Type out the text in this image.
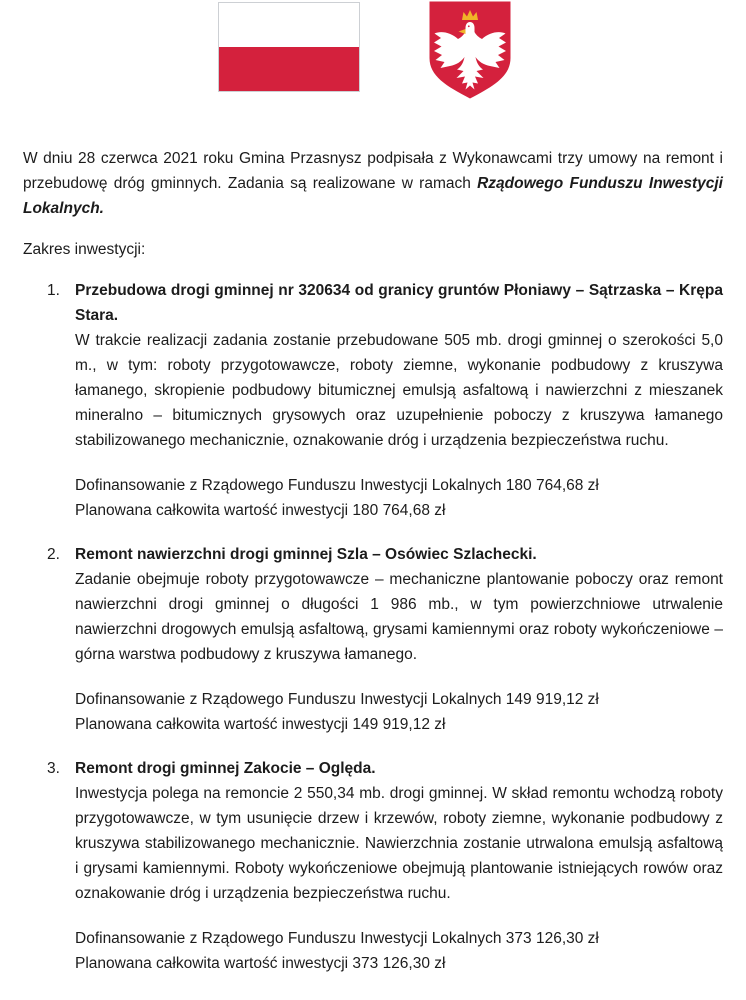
W dniu 28 czerwca 2021 roku Gmina Przasnysz podpisała z Wykonawcami trzy umowy na remont i przebudowę dróg gminnych. Zadania są realizowane w ramach Rządowego Funduszu Inwestycji Lokalnych.

Zakres inwestycji:

1. Przebudowa drogi gminnej nr 320634 od granicy gruntów Płoniawy – Sątrzaska – Krępa Stara.
W trakcie realizacji zadania zostanie przebudowane 505 mb. drogi gminnej o szerokości 5,0 m., w tym: roboty przygotowawcze, roboty ziemne, wykonanie podbudowy z kruszywa łamanego, skropienie podbudowy bitumicznej emulsją asfaltową i nawierzchni z mieszanek mineralno – bitumicznych grysowych oraz uzupełnienie poboczy z kruszywa łamanego stabilizowanego mechanicznie, oznakowanie dróg i urządzenia bezpieczeństwa ruchu.
Dofinansowanie z Rządowego Funduszu Inwestycji Lokalnych 180 764,68 zł
Planowana całkowita wartość inwestycji 180 764,68 zł
2. Remont nawierzchni drogi gminnej Szla – Osówiec Szlachecki.
Zadanie obejmuje roboty przygotowawcze – mechaniczne plantowanie poboczy oraz remont nawierzchni drogi gminnej o długości 1 986 mb., w tym powierzchniowe utrwalenie nawierzchni drogowych emulsją asfaltową, grysami kamiennymi oraz roboty wykończeniowe – górna warstwa podbudowy z kruszywa łamanego.
Dofinansowanie z Rządowego Funduszu Inwestycji Lokalnych 149 919,12 zł
Planowana całkowita wartość inwestycji 149 919,12 zł
3. Remont drogi gminnej Zakocie – Oględa.
Inwestycja polega na remoncie 2 550,34 mb. drogi gminnej. W skład remontu wchodzą roboty przygotowawcze, w tym usunięcie drzew i krzewów, roboty ziemne, wykonanie podbudowy z kruszywa stabilizowanego mechanicznie. Nawierzchnia zostanie utrwalona emulsją asfaltową i grysami kamiennymi. Roboty wykończeniowe obejmują plantowanie istniejących rowów oraz oznakowanie dróg i urządzenia bezpieczeństwa ruchu.
Dofinansowanie z Rządowego Funduszu Inwestycji Lokalnych 373 126,30 zł
Planowana całkowita wartość inwestycji 373 126,30 zł
